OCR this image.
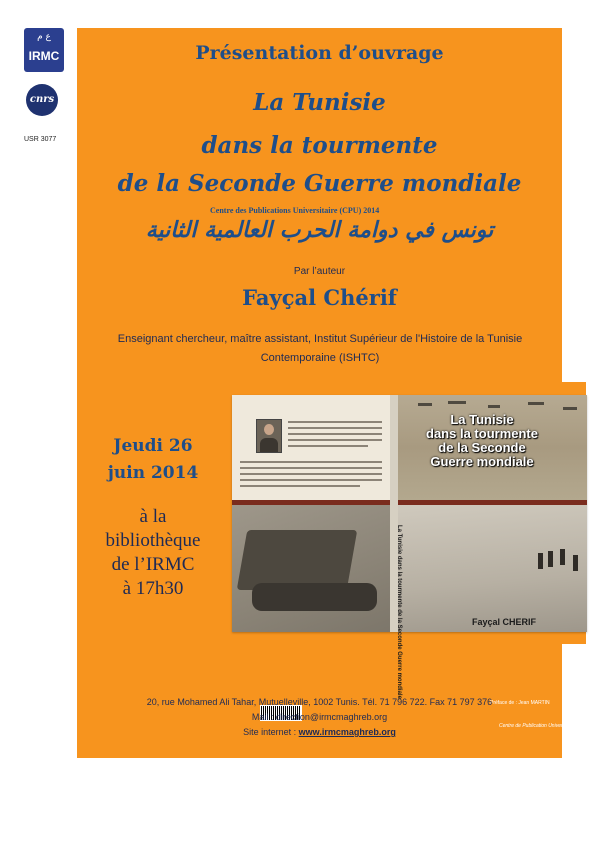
ع م
IRMC
cnrs
USR 3077
Présentation d’ouvrage
La Tunisie
dans la tourmente
de la Seconde Guerre mondiale
Centre des Publications Universitaire (CPU) 2014
تونس في دوامة الحرب العالمية الثانية
Par l’auteur
Fayçal Chérif
Enseignant chercheur, maître assistant, Institut Supérieur de l'Histoire de la Tunisie
Contemporaine (ISHTC)
La Tunisie
dans la tourmente
de la Seconde
Guerre mondiale
Fayçal CHERIF
Préface de : Jean MARTIN
Centre de Publication Universitaire
La Tunisie dans la tourmente de la Seconde Guerre mondiale
Jeudi 26
juin 2014
à la
bibliothèque
de l’IRMC
à 17h30
20, rue Mohamed Ali Tahar, Mutuelleville, 1002 Tunis. Tél. 71 796 722. Fax 71 797 376
Mail : direction@irmcmaghreb.org
Site internet : www.irmcmaghreb.org
